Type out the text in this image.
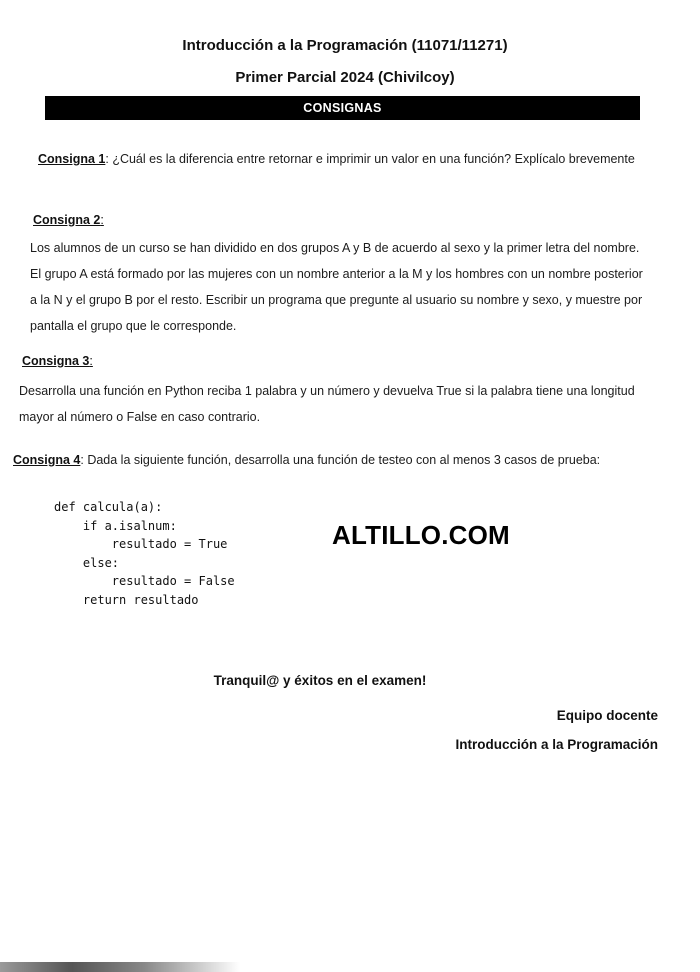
Introducción a la Programación (11071/11271)
Primer Parcial 2024 (Chivilcoy)
CONSIGNAS
Consigna 1: ¿Cuál es la diferencia entre retornar e imprimir un valor en una función? Explícalo brevemente
Consigna 2:
Los alumnos de un curso se han dividido en dos grupos A y B de acuerdo al sexo y la primer letra del nombre. El grupo A está formado por las mujeres con un nombre anterior a la M y los hombres con un nombre posterior a la N y el grupo B por el resto. Escribir un programa que pregunte al usuario su nombre y sexo, y muestre por pantalla el grupo que le corresponde.
Consigna 3:
Desarrolla una función en Python reciba 1 palabra y un número y devuelva True si la palabra tiene una longitud mayor al número o False en caso contrario.
Consigna 4: Dada la siguiente función, desarrolla una función de testeo con al menos 3 casos de prueba:
def calcula(a):
if a.isalnum:
resultado = True
else:
resultado = False
return resultado
ALTILLO.COM
Tranquil@ y éxitos en el examen!
Equipo docente
Introducción a la Programación
